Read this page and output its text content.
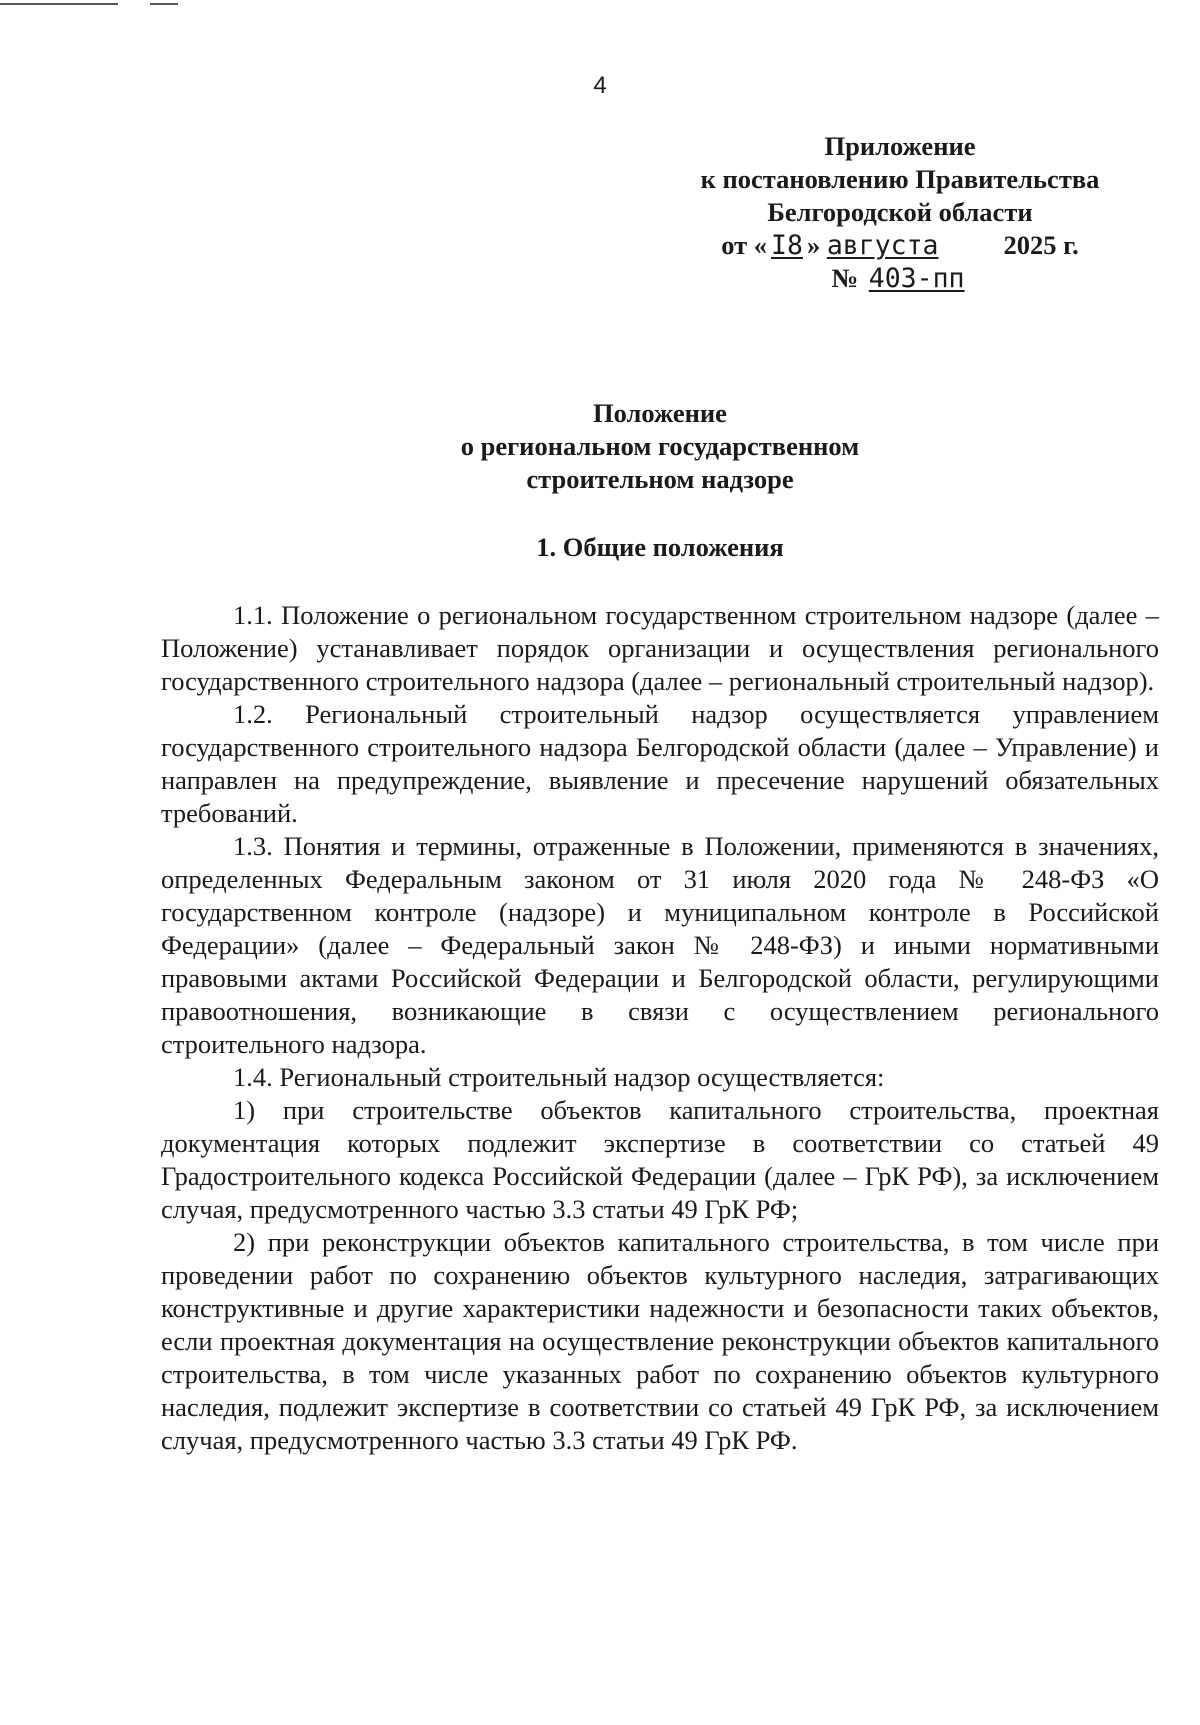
4
Приложение
к постановлению Правительства
Белгородской области
от « I8 » августа 2025 г.
№ 403-пп
Положение
о региональном государственном
строительном надзоре
1. Общие положения

1.1. Положение о региональном государственном строительном надзоре (далее – Положение) устанавливает порядок организации и осуществления регионального государственного строительного надзора (далее – региональный строительный надзор).

1.2. Региональный строительный надзор осуществляется управлением государственного строительного надзора Белгородской области (далее – Управление) и направлен на предупреждение, выявление и пресечение нарушений обязательных требований.

1.3. Понятия и термины, отраженные в Положении, применяются в значениях, определенных Федеральным законом от 31 июля 2020 года № 248-ФЗ «О государственном контроле (надзоре) и муниципальном контроле в Российской Федерации» (далее – Федеральный закон № 248-ФЗ) и иными нормативными правовыми актами Российской Федерации и Белгородской области, регулирующими правоотношения, возникающие в связи с осуществлением регионального строительного надзора.

1.4. Региональный строительный надзор осуществляется:

1) при строительстве объектов капитального строительства, проектная документация которых подлежит экспертизе в соответствии со статьей 49 Градостроительного кодекса Российской Федерации (далее – ГрК РФ), за исключением случая, предусмотренного частью 3.3 статьи 49 ГрК РФ;

2) при реконструкции объектов капитального строительства, в том числе при проведении работ по сохранению объектов культурного наследия, затрагивающих конструктивные и другие характеристики надежности и безопасности таких объектов, если проектная документация на осуществление реконструкции объектов капитального строительства, в том числе указанных работ по сохранению объектов культурного наследия, подлежит экспертизе в соответствии со статьей 49 ГрК РФ, за исключением случая, предусмотренного частью 3.3 статьи 49 ГрК РФ.
